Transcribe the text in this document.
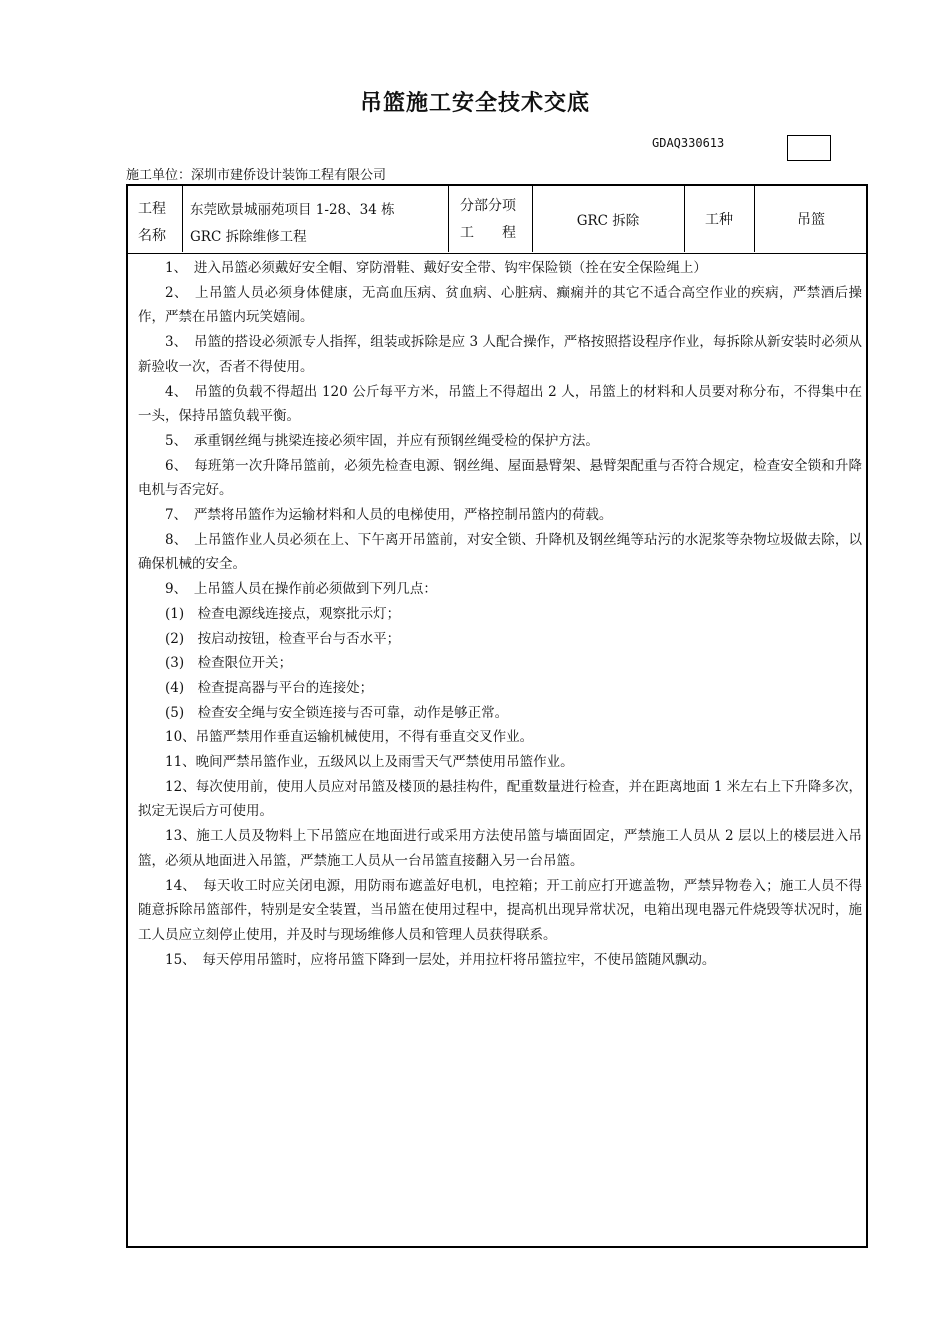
吊篮施工安全技术交底
GDAQ330613
施工单位：深圳市建侨设计装饰工程有限公司
工程
名称
东莞欧景城丽苑项目 1-28、34 栋
GRC 拆除维修工程
分部分项
工　　程
GRC 拆除	工种	吊篮

1、　进入吊篮必须戴好安全帽、穿防滑鞋、戴好安全带、钩牢保险锁（拴在安全保险绳上）

2、　上吊篮人员必须身体健康，无高血压病、贫血病、心脏病、癫痫并的其它不适合高空作业的疾病，严禁酒后操作，严禁在吊篮内玩笑嬉闹。

3、　吊篮的搭设必须派专人指挥，组装或拆除是应 3 人配合操作，严格按照搭设程序作业，每拆除从新安装时必须从新验收一次，否者不得使用。

4、　吊篮的负载不得超出 120 公斤每平方米，吊篮上不得超出 2 人，吊篮上的材料和人员要对称分布，不得集中在一头，保持吊篮负载平衡。

5、　承重钢丝绳与挑梁连接必须牢固，并应有预钢丝绳受检的保护方法。

6、　每班第一次升降吊篮前，必须先检查电源、钢丝绳、屋面悬臂架、悬臂架配重与否符合规定，检查安全锁和升降电机与否完好。

7、　严禁将吊篮作为运输材料和人员的电梯使用，严格控制吊篮内的荷载。

8、　上吊篮作业人员必须在上、下午离开吊篮前，对安全锁、升降机及钢丝绳等玷污的水泥浆等杂物垃圾做去除，以确保机械的安全。

9、　上吊篮人员在操作前必须做到下列几点：

(1)　检查电源线连接点，观察批示灯；

(2)　按启动按钮，检查平台与否水平；

(3)　检查限位开关；

(4)　检查提高器与平台的连接处；

(5)　检查安全绳与安全锁连接与否可靠，动作是够正常。

10、吊篮严禁用作垂直运输机械使用，不得有垂直交叉作业。

11、晚间严禁吊篮作业，五级风以上及雨雪天气严禁使用吊篮作业。

12、每次使用前，使用人员应对吊篮及楼顶的悬挂构件，配重数量进行检查，并在距离地面 1 米左右上下升降多次，拟定无误后方可使用。

13、施工人员及物料上下吊篮应在地面进行或采用方法使吊篮与墙面固定，严禁施工人员从 2 层以上的楼层进入吊篮，必须从地面进入吊篮，严禁施工人员从一台吊篮直接翻入另一台吊篮。

14、　每天收工时应关闭电源，用防雨布遮盖好电机，电控箱；开工前应打开遮盖物，严禁异物卷入；施工人员不得随意拆除吊篮部件，特别是安全装置，当吊篮在使用过程中，提高机出现异常状况，电箱出现电器元件烧毁等状况时，施工人员应立刻停止使用，并及时与现场维修人员和管理人员获得联系。

15、　每天停用吊篮时，应将吊篮下降到一层处，并用拉杆将吊篮拉牢，不使吊篮随风飘动。
